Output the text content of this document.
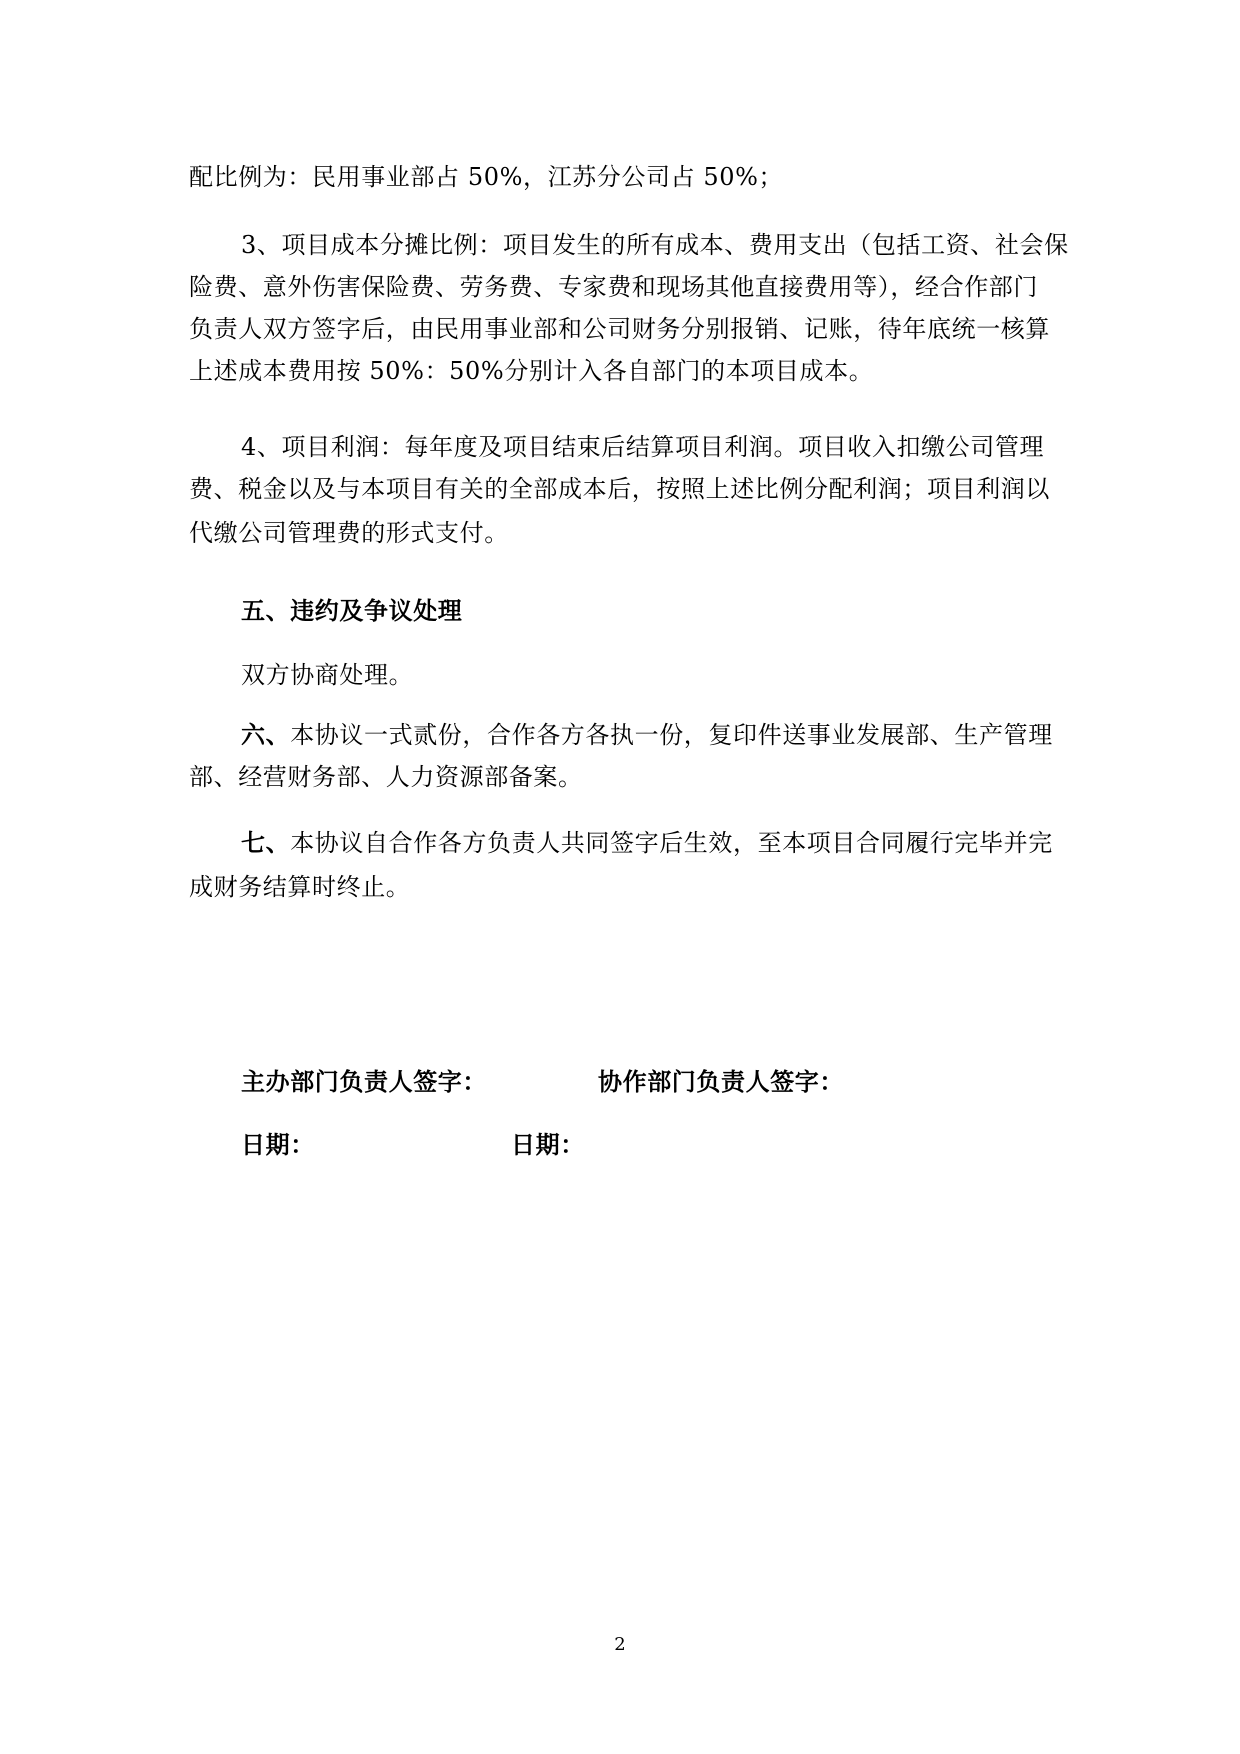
配比例为：民用事业部占 50%，江苏分公司占 50%；
3、项目成本分摊比例：项目发生的所有成本、费用支出（包括工资、社会保
险费、意外伤害保险费、劳务费、专家费和现场其他直接费用等），经合作部门
负责人双方签字后，由民用事业部和公司财务分别报销、记账，待年底统一核算
上述成本费用按 50%：50%分别计入各自部门的本项目成本。
4、项目利润：每年度及项目结束后结算项目利润。项目收入扣缴公司管理
费、税金以及与本项目有关的全部成本后，按照上述比例分配利润；项目利润以
代缴公司管理费的形式支付。
五、违约及争议处理
双方协商处理。
六、本协议一式贰份，合作各方各执一份，复印件送事业发展部、生产管理
部、经营财务部、人力资源部备案。
七、本协议自合作各方负责人共同签字后生效，至本项目合同履行完毕并完
成财务结算时终止。
主办部门负责人签字：	协作部门负责人签字：
日期：	日期：
2
